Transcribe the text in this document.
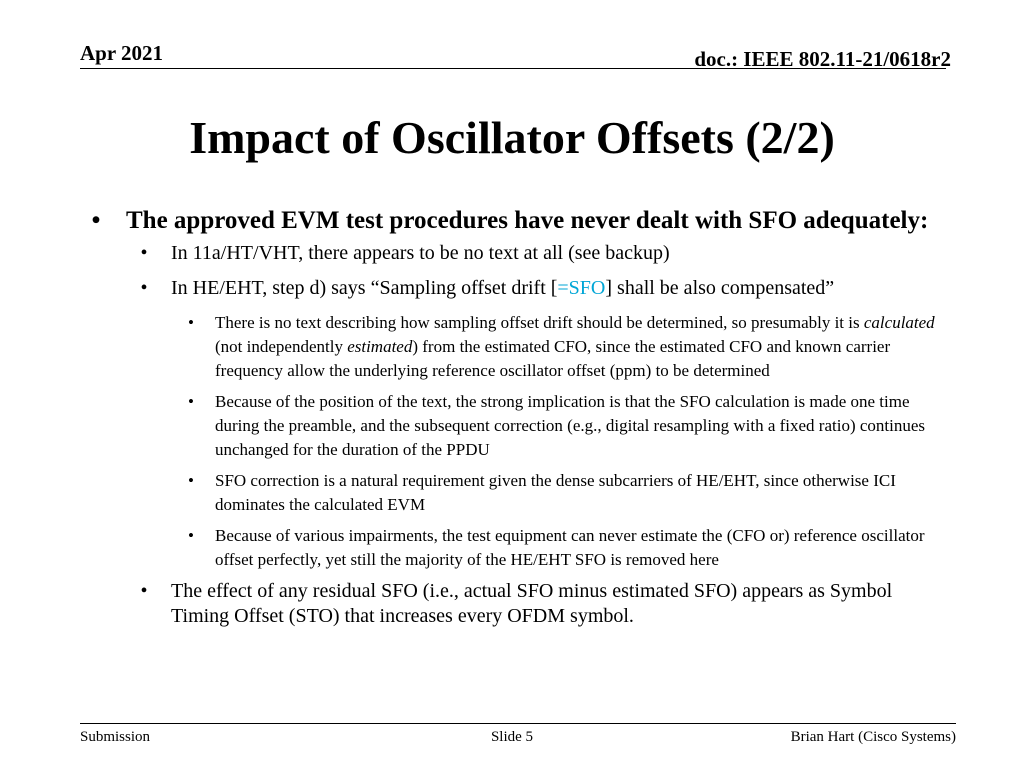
Apr 2021	doc.: IEEE 802.11-21/0618r2
Impact of Oscillator Offsets (2/2)
• The approved EVM test procedures have never dealt with SFO adequately:
• In 11a/HT/VHT, there appears to be no text at all (see backup)
• In HE/EHT, step d) says “Sampling offset drift [=SFO] shall be also compensated”
• There is no text describing how sampling offset drift should be determined, so presumably it is calculated (not independently estimated) from the estimated CFO, since the estimated CFO and known carrier frequency allow the underlying reference oscillator offset (ppm) to be determined
• Because of the position of the text, the strong implication is that the SFO calculation is made one time during the preamble, and the subsequent correction (e.g., digital resampling with a fixed ratio) continues unchanged for the duration of the PPDU
• SFO correction is a natural requirement given the dense subcarriers of HE/EHT, since otherwise ICI dominates the calculated EVM
• Because of various impairments, the test equipment can never estimate the (CFO or) reference oscillator offset perfectly, yet still the majority of the HE/EHT SFO is removed here
• The effect of any residual SFO (i.e., actual SFO minus estimated SFO) appears as Symbol Timing Offset (STO) that increases every OFDM symbol.
Submission	Slide 5	Brian Hart (Cisco Systems)
